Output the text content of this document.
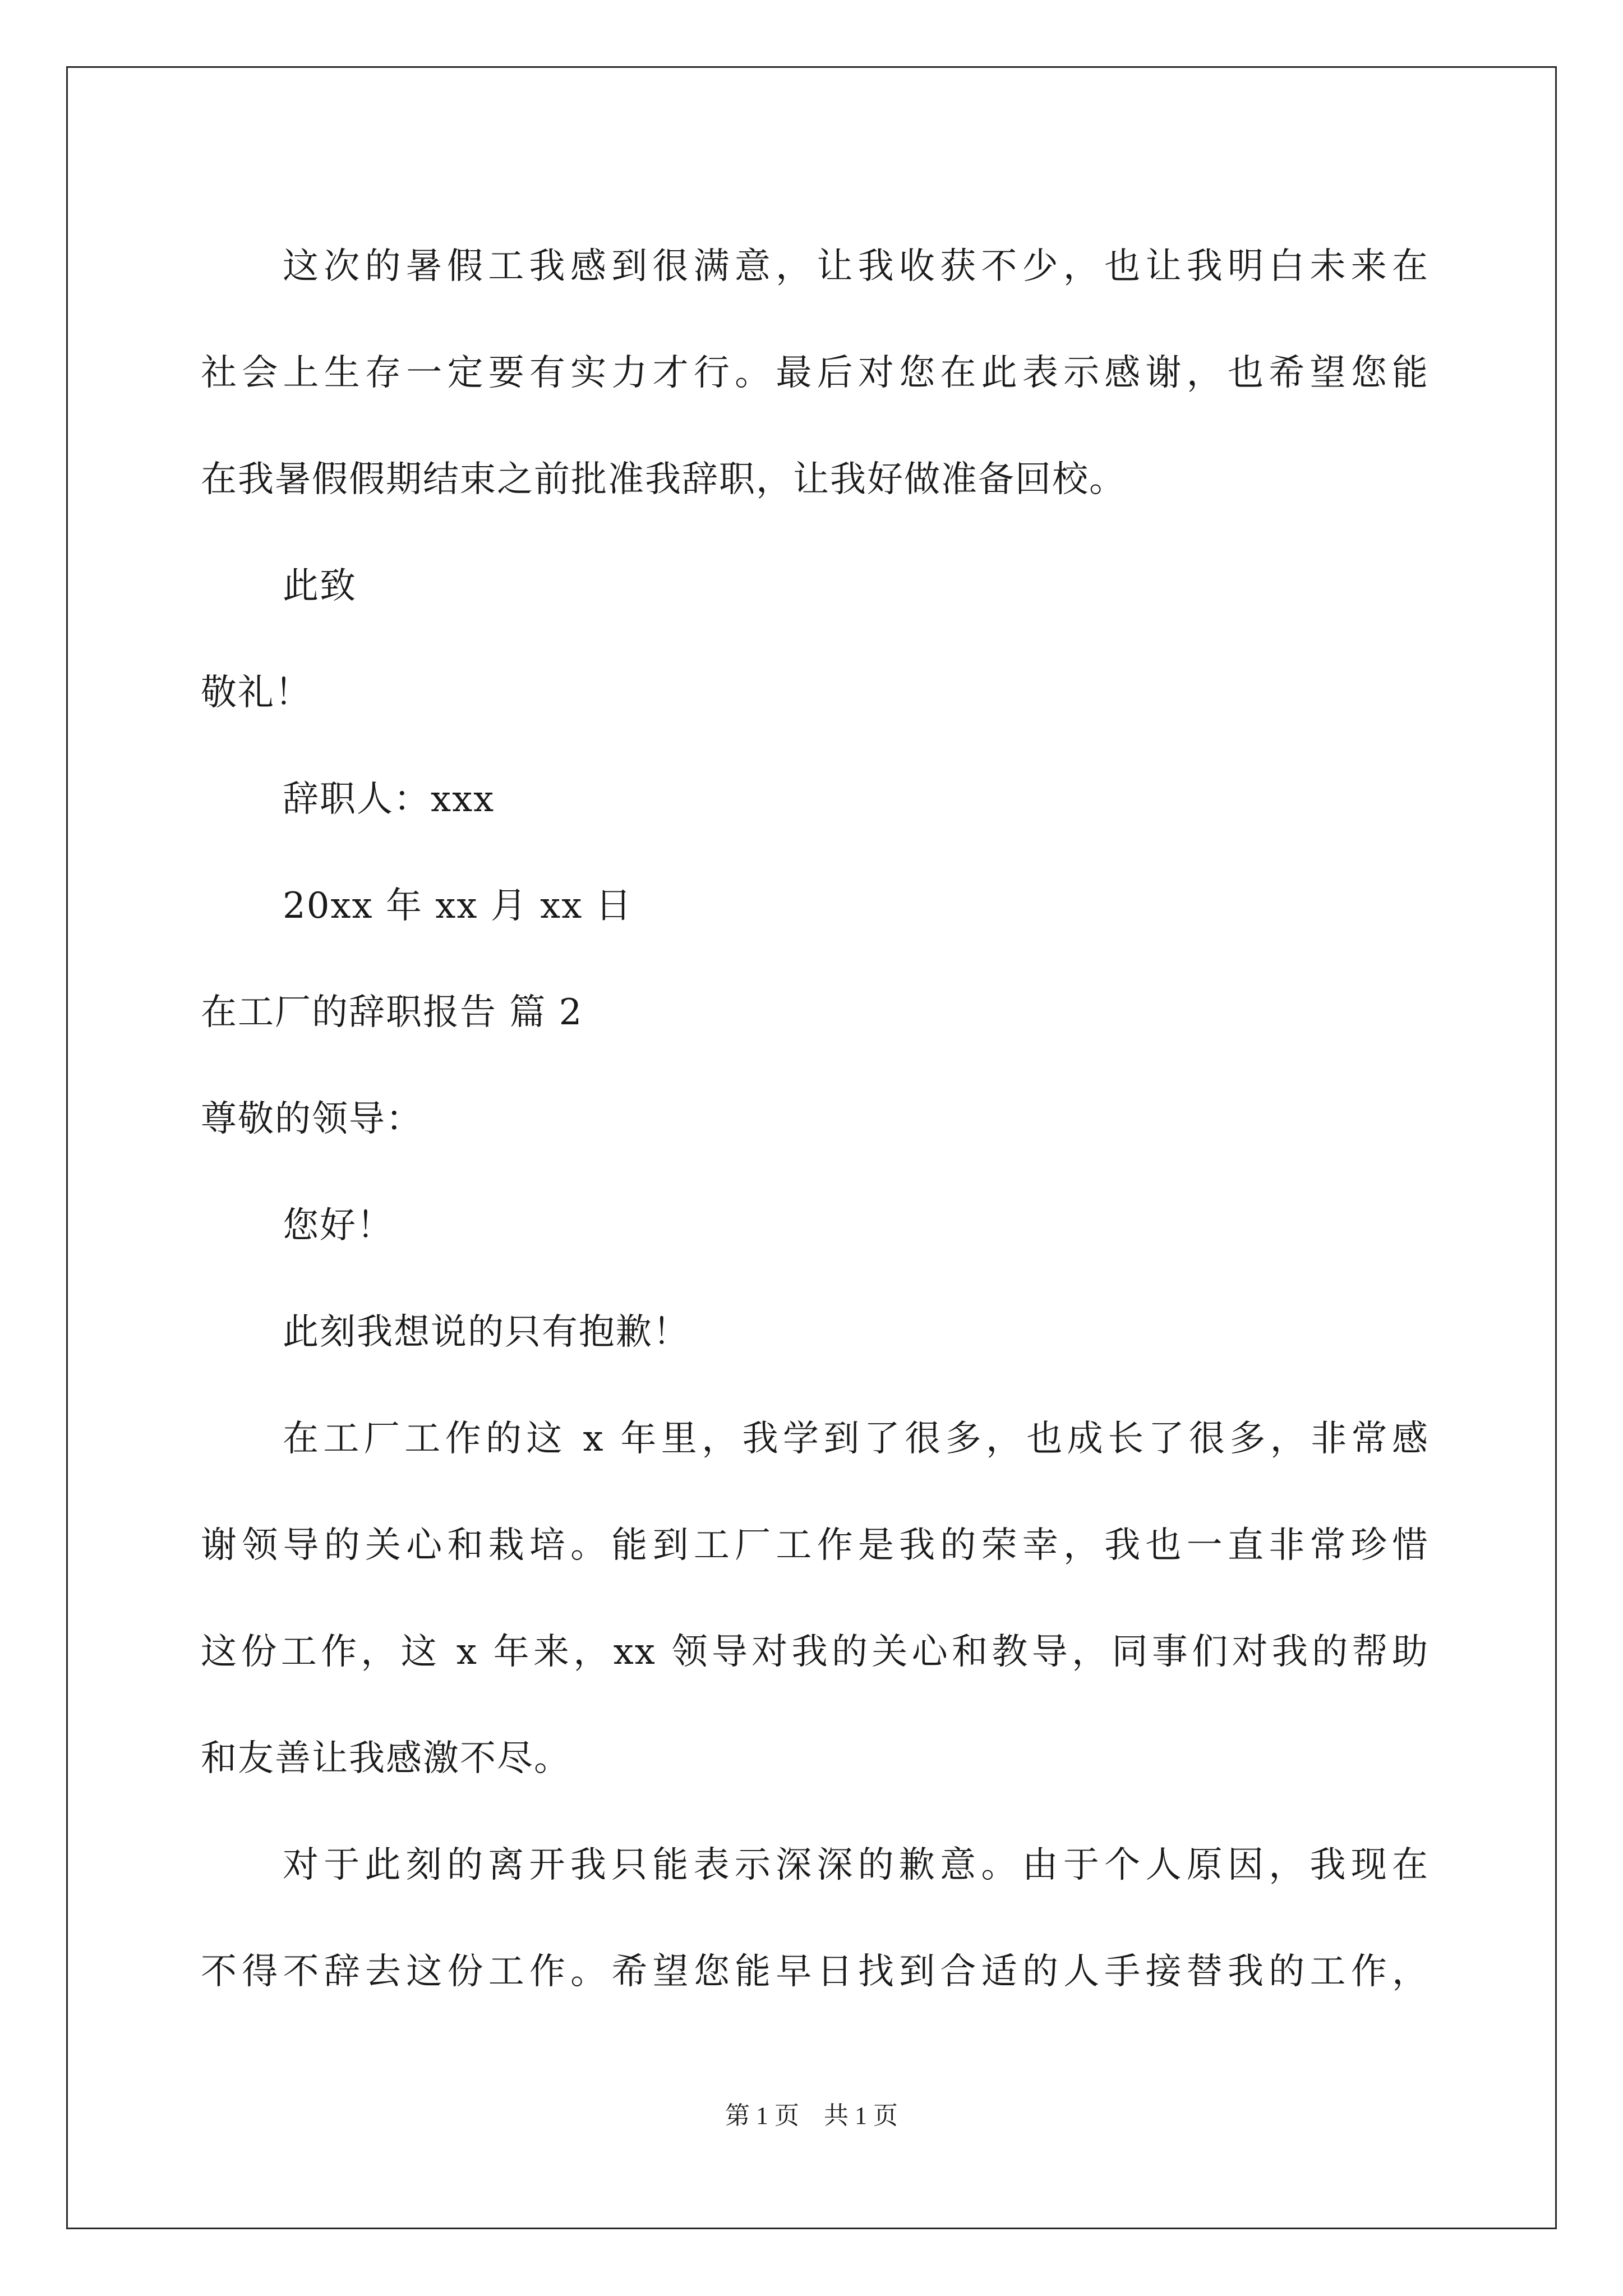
这次的暑假工我感到很满意，让我收获不少，也让我明白未来在
社会上生存一定要有实力才行。最后对您在此表示感谢，也希望您能
在我暑假假期结束之前批准我辞职，让我好做准备回校。
此致
敬礼！
辞职人：xxx
20xx 年 xx 月 xx 日
在工厂的辞职报告 篇 2
尊敬的领导：
您好！
此刻我想说的只有抱歉！
在工厂工作的这 x 年里，我学到了很多，也成长了很多，非常感
谢领导的关心和栽培。能到工厂工作是我的荣幸，我也一直非常珍惜
这份工作，这 x 年来，xx 领导对我的关心和教导，同事们对我的帮助
和友善让我感激不尽。
对于此刻的离开我只能表示深深的歉意。由于个人原因，我现在
不得不辞去这份工作。希望您能早日找到合适的人手接替我的工作，
第 1 页　共 1 页
